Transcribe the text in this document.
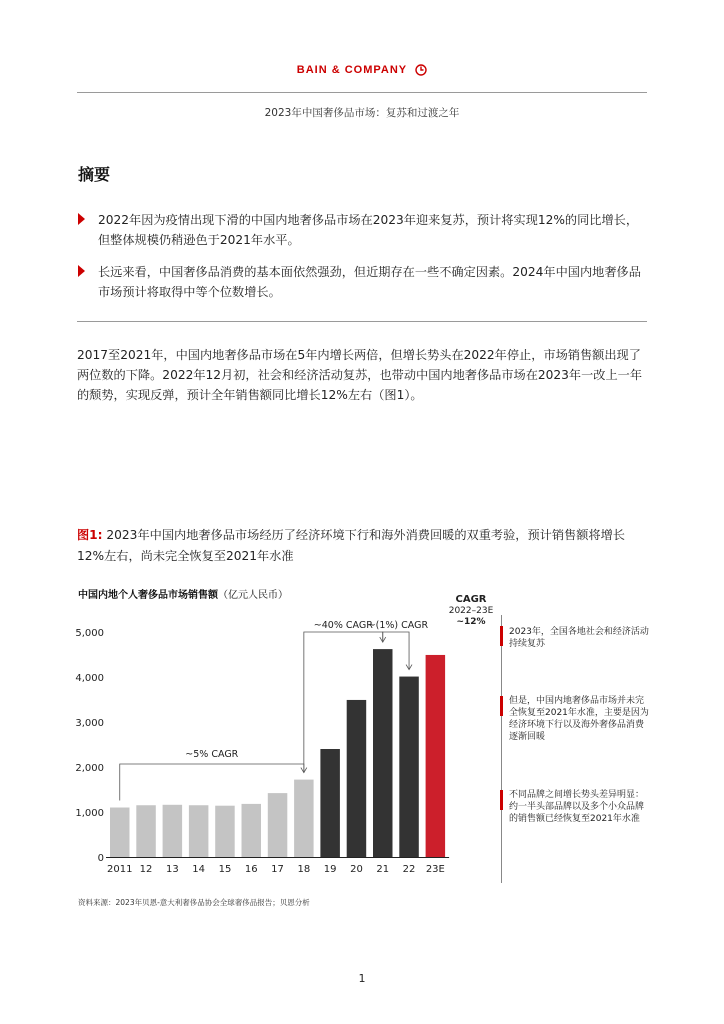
BAIN & COMPANY
2023年中国奢侈品市场：复苏和过渡之年
摘要
2022年因为疫情出现下滑的中国内地奢侈品市场在2023年迎来复苏，预计将实现12%的同比增长，但整体规模仍稍逊色于2021年水平。
长远来看，中国奢侈品消费的基本面依然强劲，但近期存在一些不确定因素。2024年中国内地奢侈品市场预计将取得中等个位数增长。
2017至2021年，中国内地奢侈品市场在5年内增长两倍，但增长势头在2022年停止，市场销售额出现了两位数的下降。2022年12月初，社会和经济活动复苏，也带动中国内地奢侈品市场在2023年一改上一年的颓势，实现反弹，预计全年销售额同比增长12%左右（图1）。
图1: 2023年中国内地奢侈品市场经历了经济环境下行和海外消费回暖的双重考验，预计销售额将增长12%左右，尚未完全恢复至2021年水准
中国内地个人奢侈品市场销售额（亿元人民币）	CAGR
2022–23E
~12%
0
1,000
2,000
3,000
4,000
5,000
2011 12 13 14 15 16 17 18 19 20 21 22 23E
~5% CAGR
~40% CAGR
~(1%) CAGR
2023年，全国各地社会和经济活动持续复苏
但是，中国内地奢侈品市场并未完全恢复至2021年水准，主要是因为经济环境下行以及海外奢侈品消费逐渐回暖
不同品牌之间增长势头差异明显：约一半头部品牌以及多个小众品牌的销售额已经恢复至2021年水准
资料来源：2023年贝恩-意大利奢侈品协会全球奢侈品报告；贝恩分析
1
